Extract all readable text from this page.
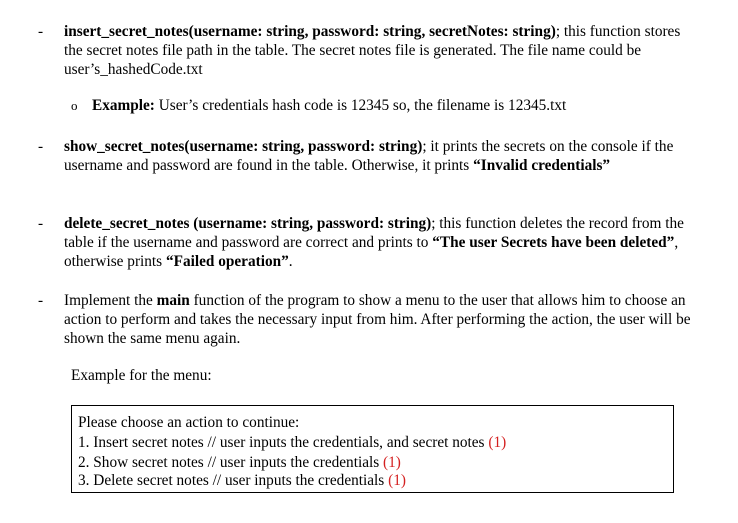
-	insert_secret_notes(username: string, password: string, secretNotes: string); this function stores the secret notes file path in the table. The secret notes file is generated. The file name could be user’s_hashedCode.txt
o Example: User’s credentials hash code is 12345 so, the filename is 12345.txt
-	show_secret_notes(username: string, password: string); it prints the secrets on the console if the username and password are found in the table. Otherwise, it prints “Invalid credentials”
-	delete_secret_notes (username: string, password: string); this function deletes the record from the table if the username and password are correct and prints to “The user Secrets have been deleted”, otherwise prints “Failed operation”.
-	Implement the main function of the program to show a menu to the user that allows him to choose an action to perform and takes the necessary input from him. After performing the action, the user will be shown the same menu again.
Example for the menu:
Please choose an action to continue:
1. Insert secret notes // user inputs the credentials, and secret notes (1)
2. Show secret notes // user inputs the credentials (1)
3. Delete secret notes // user inputs the credentials (1)
